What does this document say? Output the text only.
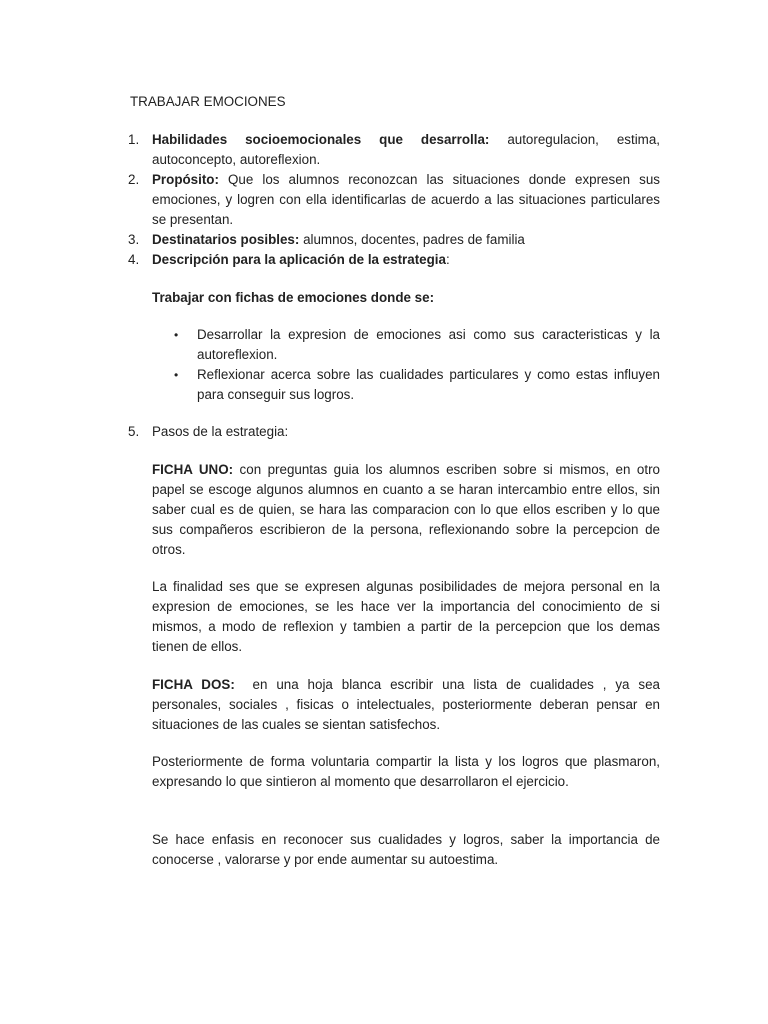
TRABAJAR EMOCIONES
1. Habilidades socioemocionales que desarrolla: autoregulacion, estima, autoconcepto, autoreflexion.
2. Propósito: Que los alumnos reconozcan las situaciones donde expresen sus emociones, y logren con ella identificarlas de acuerdo a las situaciones particulares se presentan.
3. Destinatarios posibles: alumnos, docentes, padres de familia
4. Descripción para la aplicación de la estrategia:
Trabajar con fichas de emociones donde se:
• Desarrollar la expresion de emociones asi como sus caracteristicas y la autoreflexion.
• Reflexionar acerca sobre las cualidades particulares y como estas influyen para conseguir sus logros.
5. Pasos de la estrategia:
FICHA UNO: con preguntas guia los alumnos escriben sobre si mismos, en otro papel se escoge algunos alumnos en cuanto a se haran intercambio entre ellos, sin saber cual es de quien, se hara las comparacion con lo que ellos escriben y lo que sus compañeros escribieron de la persona, reflexionando sobre la percepcion de otros.
La finalidad ses que se expresen algunas posibilidades de mejora personal en la expresion de emociones, se les hace ver la importancia del conocimiento de si mismos, a modo de reflexion y tambien a partir de la percepcion que los demas tienen de ellos.
FICHA DOS:  en una hoja blanca escribir una lista de cualidades , ya sea personales, sociales , fisicas o intelectuales, posteriormente deberan pensar en situaciones de las cuales se sientan satisfechos.
Posteriormente de forma voluntaria compartir la lista y los logros que plasmaron, expresando lo que sintieron al momento que desarrollaron el ejercicio.
Se hace enfasis en reconocer sus cualidades y logros, saber la importancia de conocerse , valorarse y por ende aumentar su autoestima.
